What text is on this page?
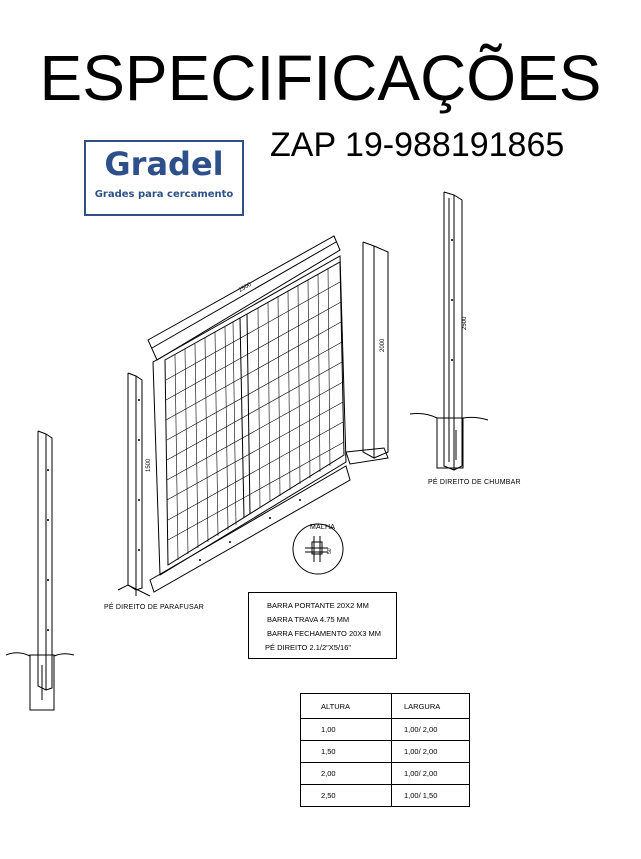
ESPECIFICAÇÕES
ZAP 19-988191865
Gradel
Grades para cercamento
2500
1500
2000
2500
50
MALHA
PÉ DIREITO DE CHUMBAR
PÉ DIREITO DE PARAFUSAR	BARRA PORTANTE 20X2 MM
BARRA TRAVA 4.75 MM
BARRA FECHAMENTO 20X3 MM
PÉ DIREITO 2.1/2"X5/16"
ALTURA	LARGURA
1,00	1,00/ 2,00
1,50	1,00/ 2,00
2,00	1,00/ 2,00
2,50	1,00/ 1,50
